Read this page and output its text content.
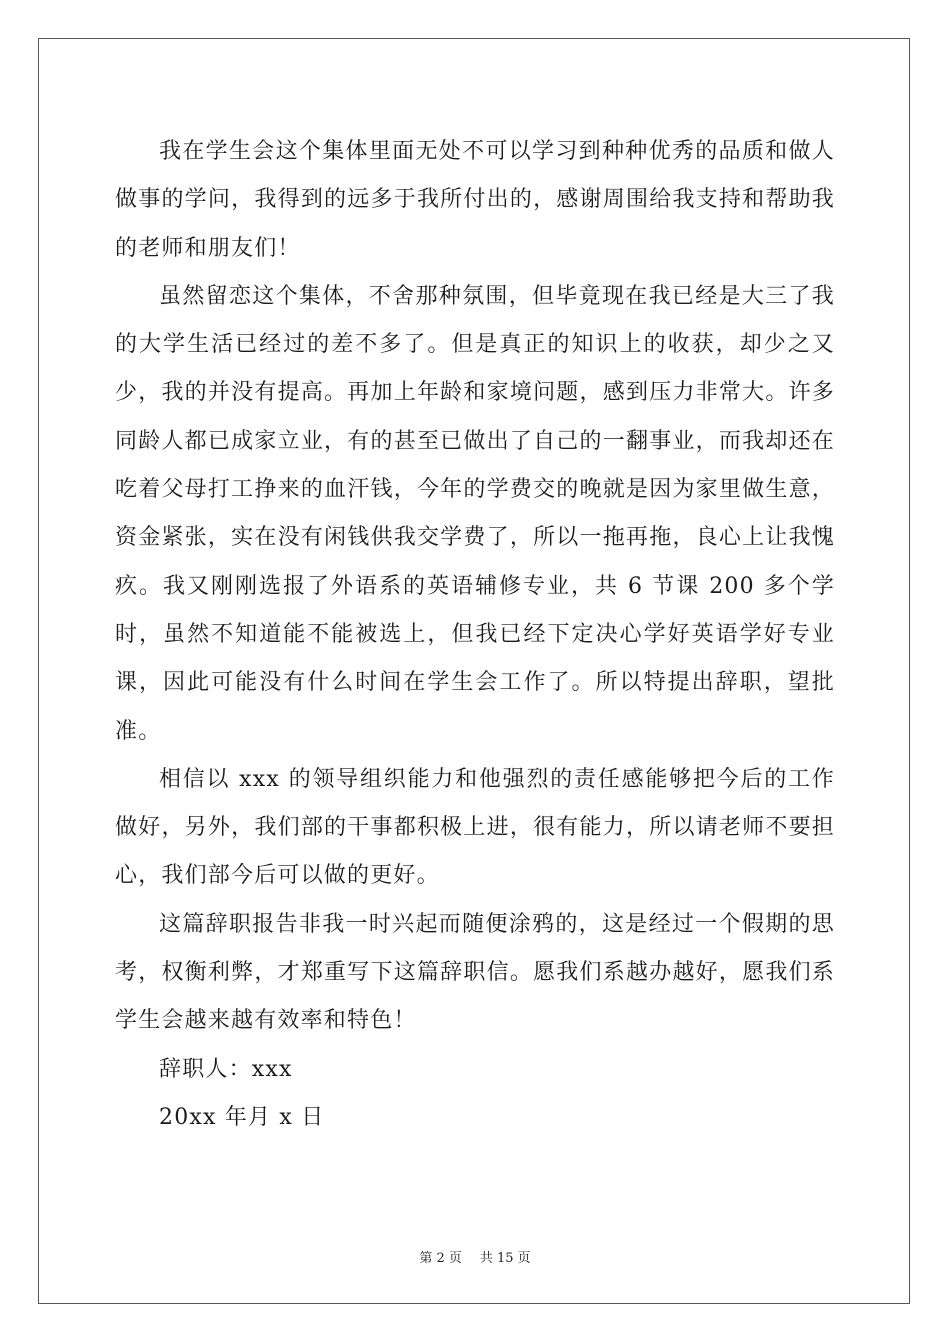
我在学生会这个集体里面无处不可以学习到种种优秀的品质和做人做事的学问，我得到的远多于我所付出的，感谢周围给我支持和帮助我的老师和朋友们！

虽然留恋这个集体，不舍那种氛围，但毕竟现在我已经是大三了我的大学生活已经过的差不多了。但是真正的知识上的收获，却少之又少，我的并没有提高。再加上年龄和家境问题，感到压力非常大。许多同龄人都已成家立业，有的甚至已做出了自己的一翻事业，而我却还在吃着父母打工挣来的血汗钱，今年的学费交的晚就是因为家里做生意，资金紧张，实在没有闲钱供我交学费了，所以一拖再拖，良心上让我愧疚。我又刚刚选报了外语系的英语辅修专业，共 6 节课 200 多个学时，虽然不知道能不能被选上，但我已经下定决心学好英语学好专业课，因此可能没有什么时间在学生会工作了。所以特提出辞职，望批准。

相信以 xxx 的领导组织能力和他强烈的责任感能够把今后的工作做好，另外，我们部的干事都积极上进，很有能力，所以请老师不要担心，我们部今后可以做的更好。

这篇辞职报告非我一时兴起而随便涂鸦的，这是经过一个假期的思考，权衡利弊，才郑重写下这篇辞职信。愿我们系越办越好，愿我们系学生会越来越有效率和特色！

辞职人：xxx

20xx 年月 x 日

第 2 页 共 15 页
